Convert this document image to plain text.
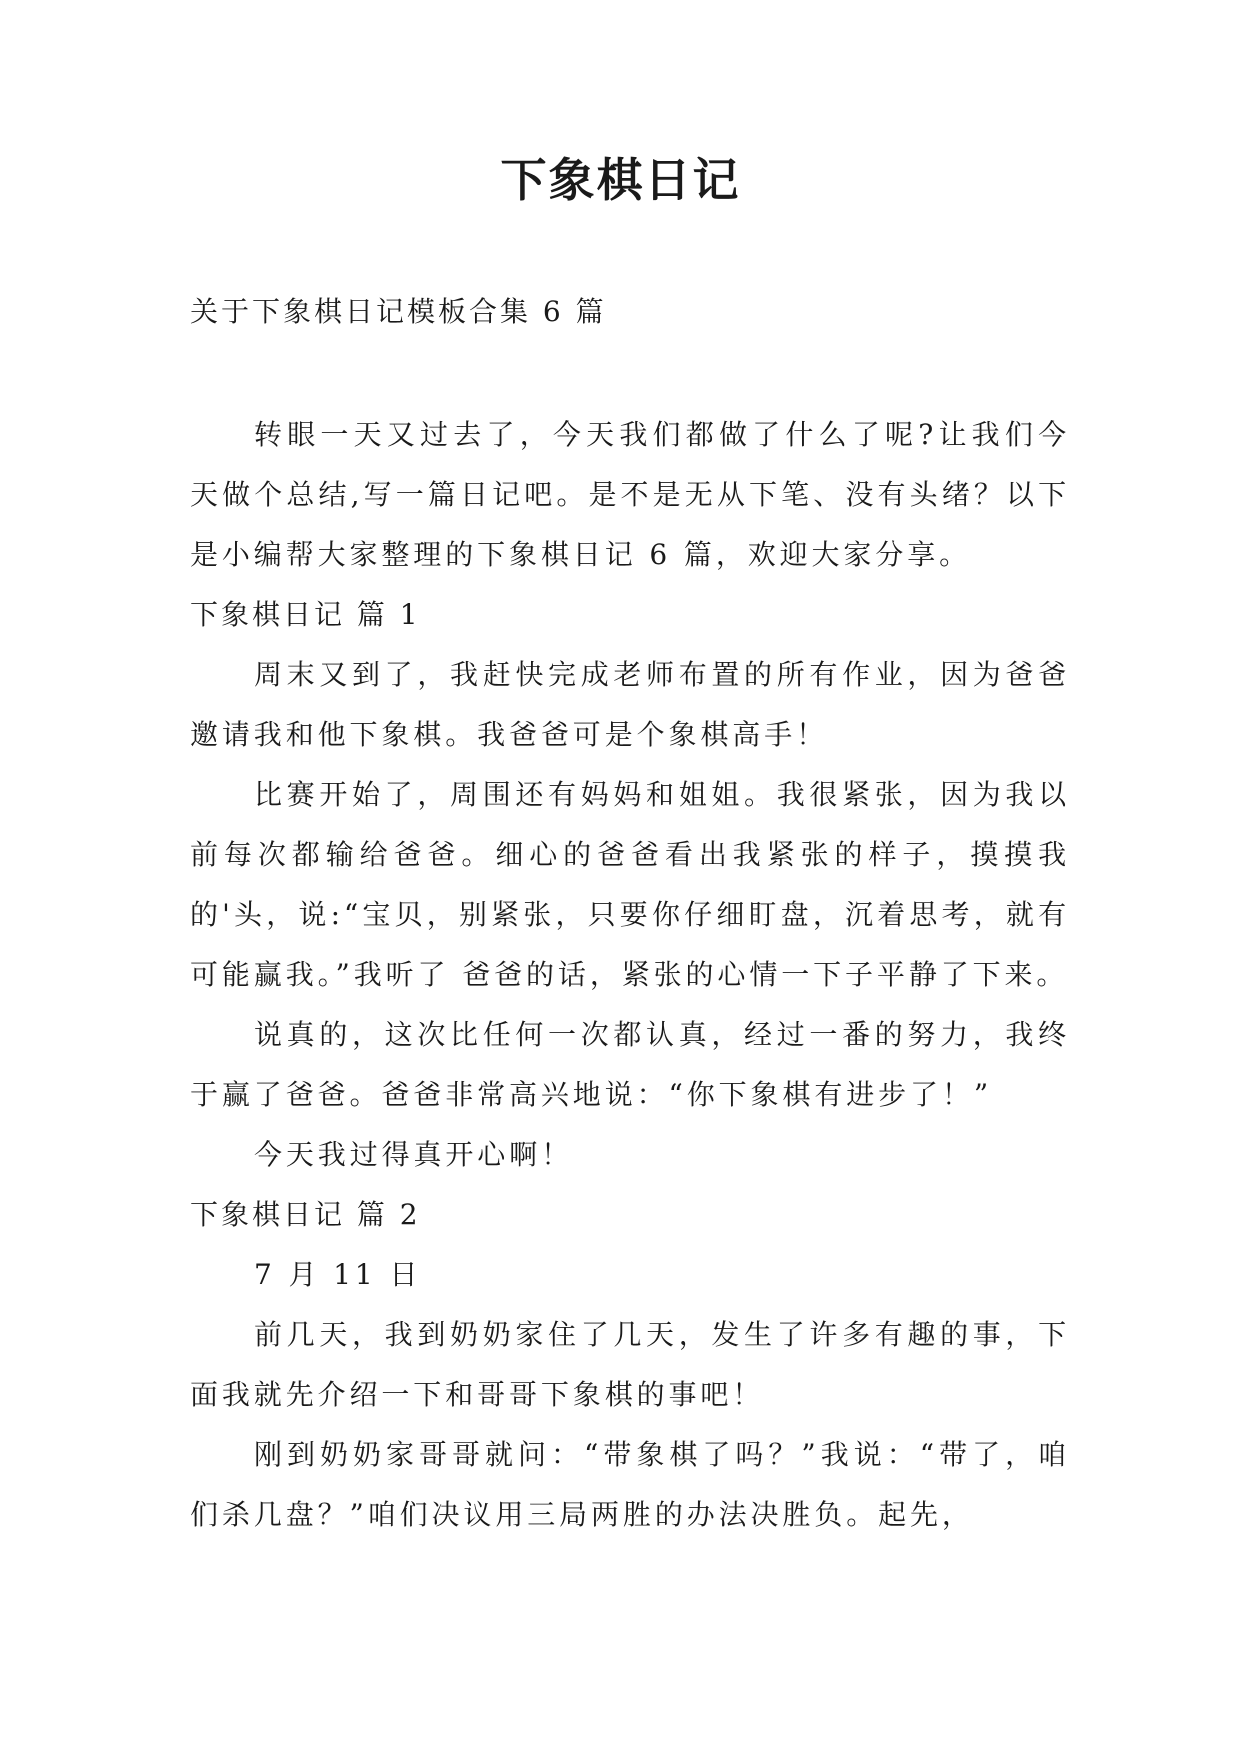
下象棋日记

关于下象棋日记模板合集 6 篇

转眼一天又过去了，今天我们都做了什么了呢?让我们今天做个总结,写一篇日记吧。是不是无从下笔、没有头绪？以下是小编帮大家整理的下象棋日记 6 篇，欢迎大家分享。

下象棋日记 篇 1

周末又到了，我赶快完成老师布置的所有作业，因为爸爸邀请我和他下象棋。我爸爸可是个象棋高手！

比赛开始了，周围还有妈妈和姐姐。我很紧张，因为我以前每次都输给爸爸。细心的爸爸看出我紧张的样子，摸摸我的'头，说:“宝贝，别紧张，只要你仔细盯盘，沉着思考，就有可能赢我。”我听了 爸爸的话，紧张的心情一下子平静了下来。

说真的，这次比任何一次都认真，经过一番的努力，我终于赢了爸爸。爸爸非常高兴地说：“你下象棋有进步了！”

今天我过得真开心啊！

下象棋日记 篇 2

7 月 11 日

前几天，我到奶奶家住了几天，发生了许多有趣的事，下面我就先介绍一下和哥哥下象棋的事吧！

刚到奶奶家哥哥就问：“带象棋了吗？”我说：“带了，咱们杀几盘？”咱们决议用三局两胜的办法决胜负。起先，
